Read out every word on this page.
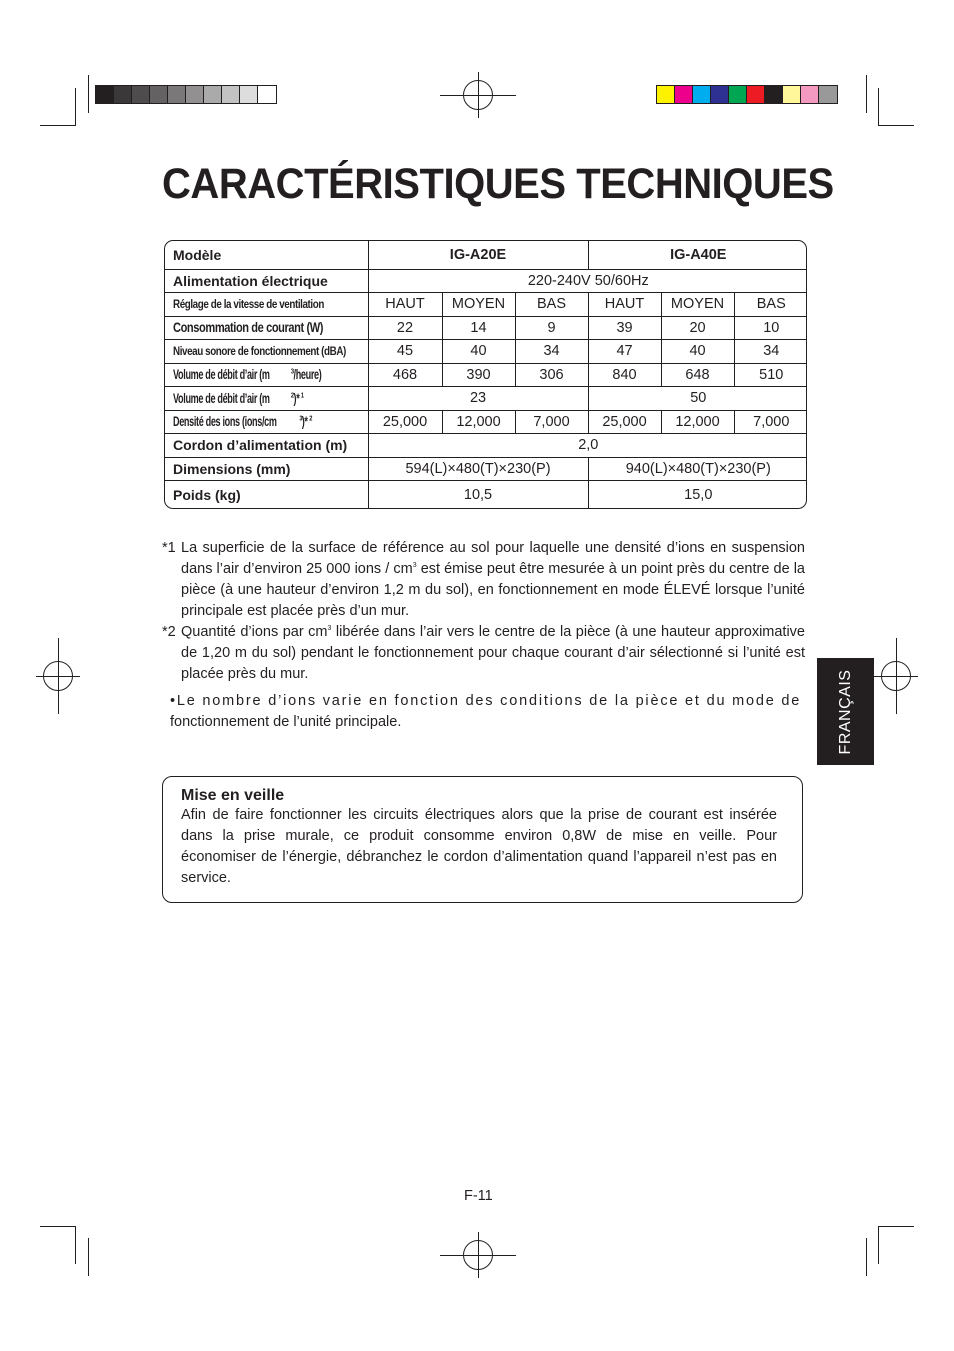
CARACTÉRISTIQUES TECHNIQUES
Modèle	IG-A20E			IG-A40E		
Alimentation électrique	220-240V 50/60Hz					
Réglage de la vitesse de ventilation	HAUT	MOYEN	BAS	HAUT	MOYEN	BAS
Consommation de courant (W)	22	14	9	39	20	10
Niveau sonore de fonctionnement (dBA)	45	40	34	47	40	34
Volume de débit d’air (m $^3$/heure)	468	390	306	840	648	510
Volume de débit d’air (m $^2$)*$^1$	23			50		
Densité des ions (ions/cm $^3$)*$^2$	25,000	12,000	7,000	25,000	12,000	7,000
Cordon d’alimentation (m)	2,0					
Dimensions (mm)	594(L)×480(T)×230(P)			940(L)×480(T)×230(P)		
Poids (kg)	10,5			15,0		
*1 La superficie de la surface de référence au sol pour laquelle une densité d’ions en suspension dans l’air d’environ 25 000 ions / $cm^3$ est émise peut être mesurée à un point près du centre de la pièce (à une hauteur d’environ 1,2 m du sol), en fonctionnement en mode ÉLEVÉ lorsque l’unité principale est placée près d’un mur.
*2 Quantité d’ions par $cm^3$ libérée dans l’air vers le centre de la pièce (à une hauteur approximative de 1,20 m du sol) pendant le fonctionnement pour chaque courant d’air sélectionné si l’unité est placée près du mur.
•Le nombre d’ions varie en fonction des conditions de la pièce et du mode de
fonctionnement de l’unité principale.
Mise en veille

Afin de faire fonctionner les circuits électriques alors que la prise de courant est insérée dans la prise murale, ce produit consomme environ 0,8W de mise en veille. Pour économiser de l’énergie, débranchez le cordon d’alimentation quand l’appareil n’est pas en service.

FRANÇAIS
F-11
